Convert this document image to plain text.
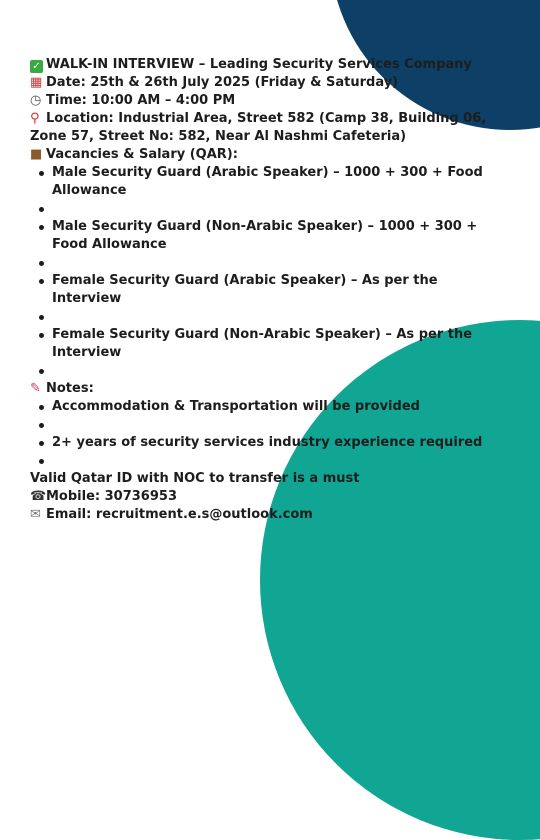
✓ WALK-IN INTERVIEW – Leading Security Services Company
▦ Date: 25th & 26th July 2025 (Friday & Saturday)
◷ Time: 10:00 AM – 4:00 PM
⚲ Location: Industrial Area, Street 582 (Camp 38, Building 06, Zone 57, Street No: 582, Near Al Nashmi Cafeteria)
■ Vacancies & Salary (QAR):
Male Security Guard (Arabic Speaker) – 1000 + 300 + Food Allowance
Male Security Guard (Non-Arabic Speaker) – 1000 + 300 + Food Allowance
Female Security Guard (Arabic Speaker) – As per the Interview
Female Security Guard (Non-Arabic Speaker) – As per the Interview
✎ Notes:
Accommodation & Transportation will be provided
2+ years of security services industry experience required
Valid Qatar ID with NOC to transfer is a must
☎Mobile: 30736953
✉ Email: recruitment.e.s@outlook.com
